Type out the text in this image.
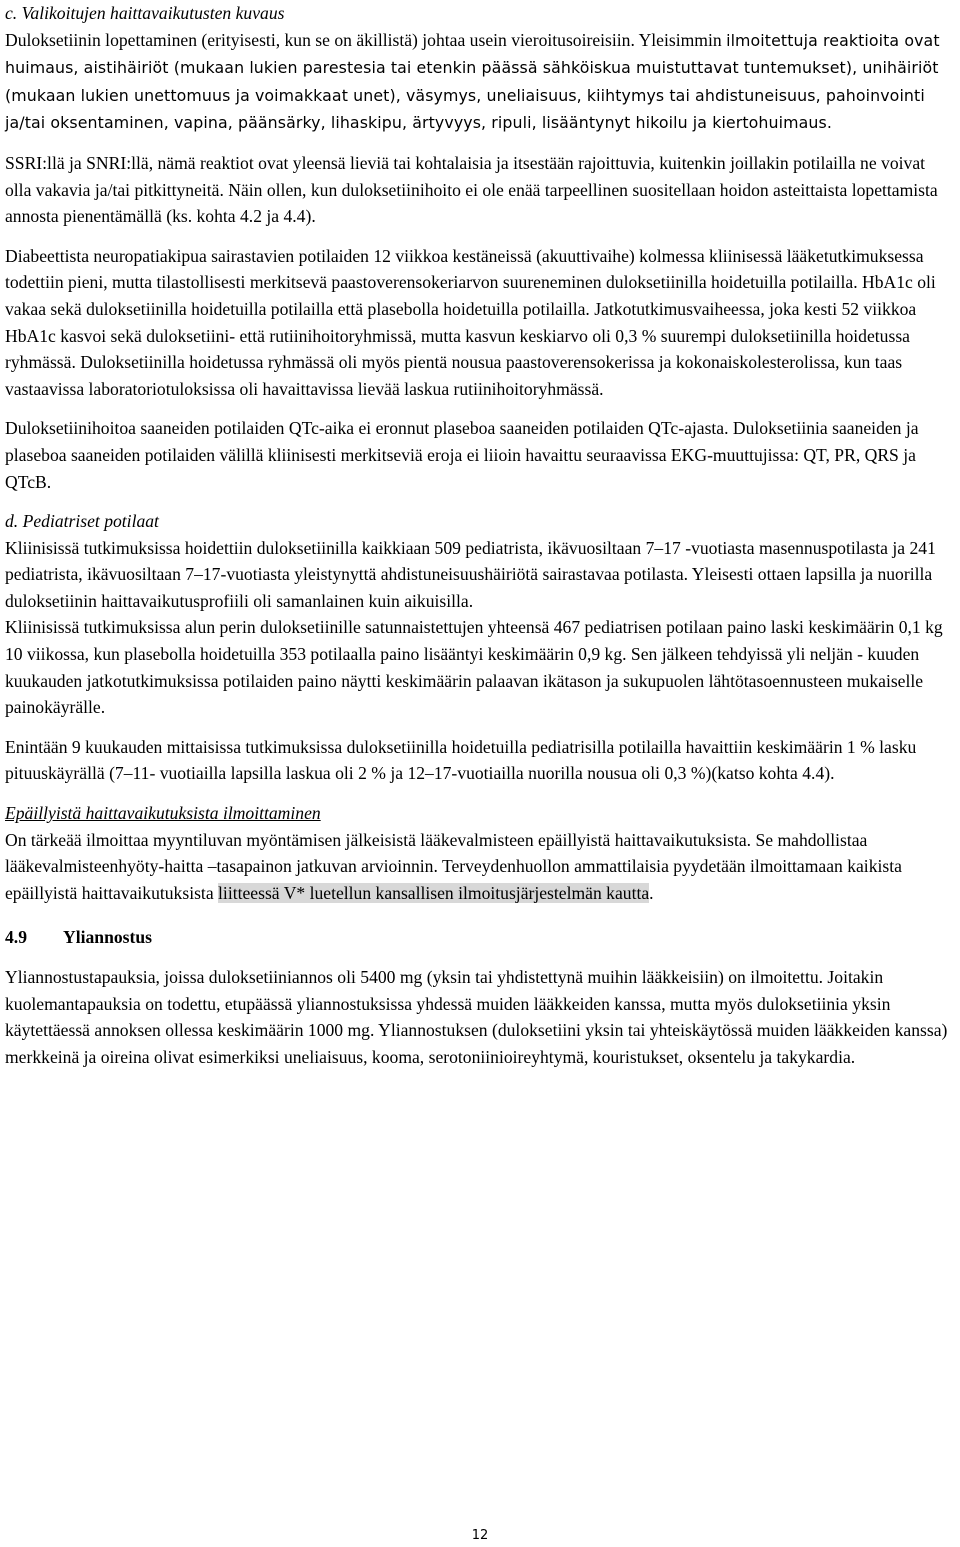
c. Valikoitujen haittavaikutusten kuvaus

Duloksetiinin lopettaminen (erityisesti, kun se on äkillistä) johtaa usein vieroitusoireisiin. Yleisimmin ilmoitettuja reaktioita ovat huimaus, aistihäiriöt (mukaan lukien parestesia tai etenkin päässä sähköiskua muistuttavat tuntemukset), unihäiriöt (mukaan lukien unettomuus ja voimakkaat unet), väsymys, uneliaisuus, kiihtymys tai ahdistuneisuus, pahoinvointi ja/tai oksentaminen, vapina, päänsärky, lihaskipu, ärtyvyys, ripuli, lisääntynyt hikoilu ja kiertohuimaus.

SSRI:llä ja SNRI:llä, nämä reaktiot ovat yleensä lieviä tai kohtalaisia ja itsestään rajoittuvia, kuitenkin joillakin potilailla ne voivat olla vakavia ja/tai pitkittyneitä. Näin ollen, kun duloksetiinihoito ei ole enää tarpeellinen suositellaan hoidon asteittaista lopettamista annosta pienentämällä (ks. kohta 4.2 ja 4.4).

Diabeettista neuropatiakipua sairastavien potilaiden 12 viikkoa kestäneissä (akuuttivaihe) kolmessa kliinisessä lääketutkimuksessa todettiin pieni, mutta tilastollisesti merkitsevä paastoverensokeriarvon suureneminen duloksetiinilla hoidetuilla potilailla. HbA1c oli vakaa sekä duloksetiinilla hoidetuilla potilailla että plasebolla hoidetuilla potilailla. Jatkotutkimusvaiheessa, joka kesti 52 viikkoa HbA1c kasvoi sekä duloksetiini- että rutiinihoitoryhmissä, mutta kasvun keskiarvo oli 0,3 % suurempi duloksetiinilla hoidetussa ryhmässä. Duloksetiinilla hoidetussa ryhmässä oli myös pientä nousua paastoverensokerissa ja kokonaiskolesterolissa, kun taas vastaavissa laboratoriotuloksissa oli havaittavissa lievää laskua rutiinihoitoryhmässä.

Duloksetiinihoitoa saaneiden potilaiden QTc-aika ei eronnut plaseboa saaneiden potilaiden QTc-ajasta. Duloksetiinia saaneiden ja plaseboa saaneiden potilaiden välillä kliinisesti merkitseviä eroja ei liioin havaittu seuraavissa EKG-muuttujissa: QT, PR, QRS ja QTcB.

d. Pediatriset potilaat

Kliinisissä tutkimuksissa hoidettiin duloksetiinilla kaikkiaan 509 pediatrista, ikävuosiltaan 7–17 -vuotiasta masennuspotilasta ja 241 pediatrista, ikävuosiltaan 7–17-vuotiasta yleistynyttä ahdistuneisuushäiriötä sairastavaa potilasta. Yleisesti ottaen lapsilla ja nuorilla duloksetiinin haittavaikutusprofiili oli samanlainen kuin aikuisilla.

Kliinisissä tutkimuksissa alun perin duloksetiinille satunnaistettujen yhteensä 467 pediatrisen potilaan paino laski keskimäärin 0,1 kg 10 viikossa, kun plasebolla hoidetuilla 353 potilaalla paino lisääntyi keskimäärin 0,9 kg. Sen jälkeen tehdyissä yli neljän - kuuden kuukauden jatkotutkimuksissa potilaiden paino näytti keskimäärin palaavan ikätason ja sukupuolen lähtötasoennusteen mukaiselle painokäyrälle.

Enintään 9 kuukauden mittaisissa tutkimuksissa duloksetiinilla hoidetuilla pediatrisilla potilailla havaittiin keskimäärin 1 % lasku pituuskäyrällä (7–11- vuotiailla lapsilla laskua oli 2 % ja 12–17-vuotiailla nuorilla nousua oli 0,3 %)(katso kohta 4.4).

Epäillyistä haittavaikutuksista ilmoittaminen

On tärkeää ilmoittaa myyntiluvan myöntämisen jälkeisistä lääkevalmisteen epäillyistä haittavaikutuksista. Se mahdollistaa lääkevalmisteenhyöty-haitta –tasapainon jatkuvan arvioinnin. Terveydenhuollon ammattilaisia pyydetään ilmoittamaan kaikista epäillyistä haittavaikutuksista liitteessä V* luetellun kansallisen ilmoitusjärjestelmän kautta.

4.9 Yliannostus

Yliannostustapauksia, joissa duloksetiiniannos oli 5400 mg (yksin tai yhdistettynä muihin lääkkeisiin) on ilmoitettu. Joitakin kuolemantapauksia on todettu, etupäässä yliannostuksissa yhdessä muiden lääkkeiden kanssa, mutta myös duloksetiinia yksin käytettäessä annoksen ollessa keskimäärin 1000 mg. Yliannostuksen (duloksetiini yksin tai yhteiskäytössä muiden lääkkeiden kanssa) merkkeinä ja oireina olivat esimerkiksi uneliaisuus, kooma, serotoniinioireyhtymä, kouristukset, oksentelu ja takykardia.

12
